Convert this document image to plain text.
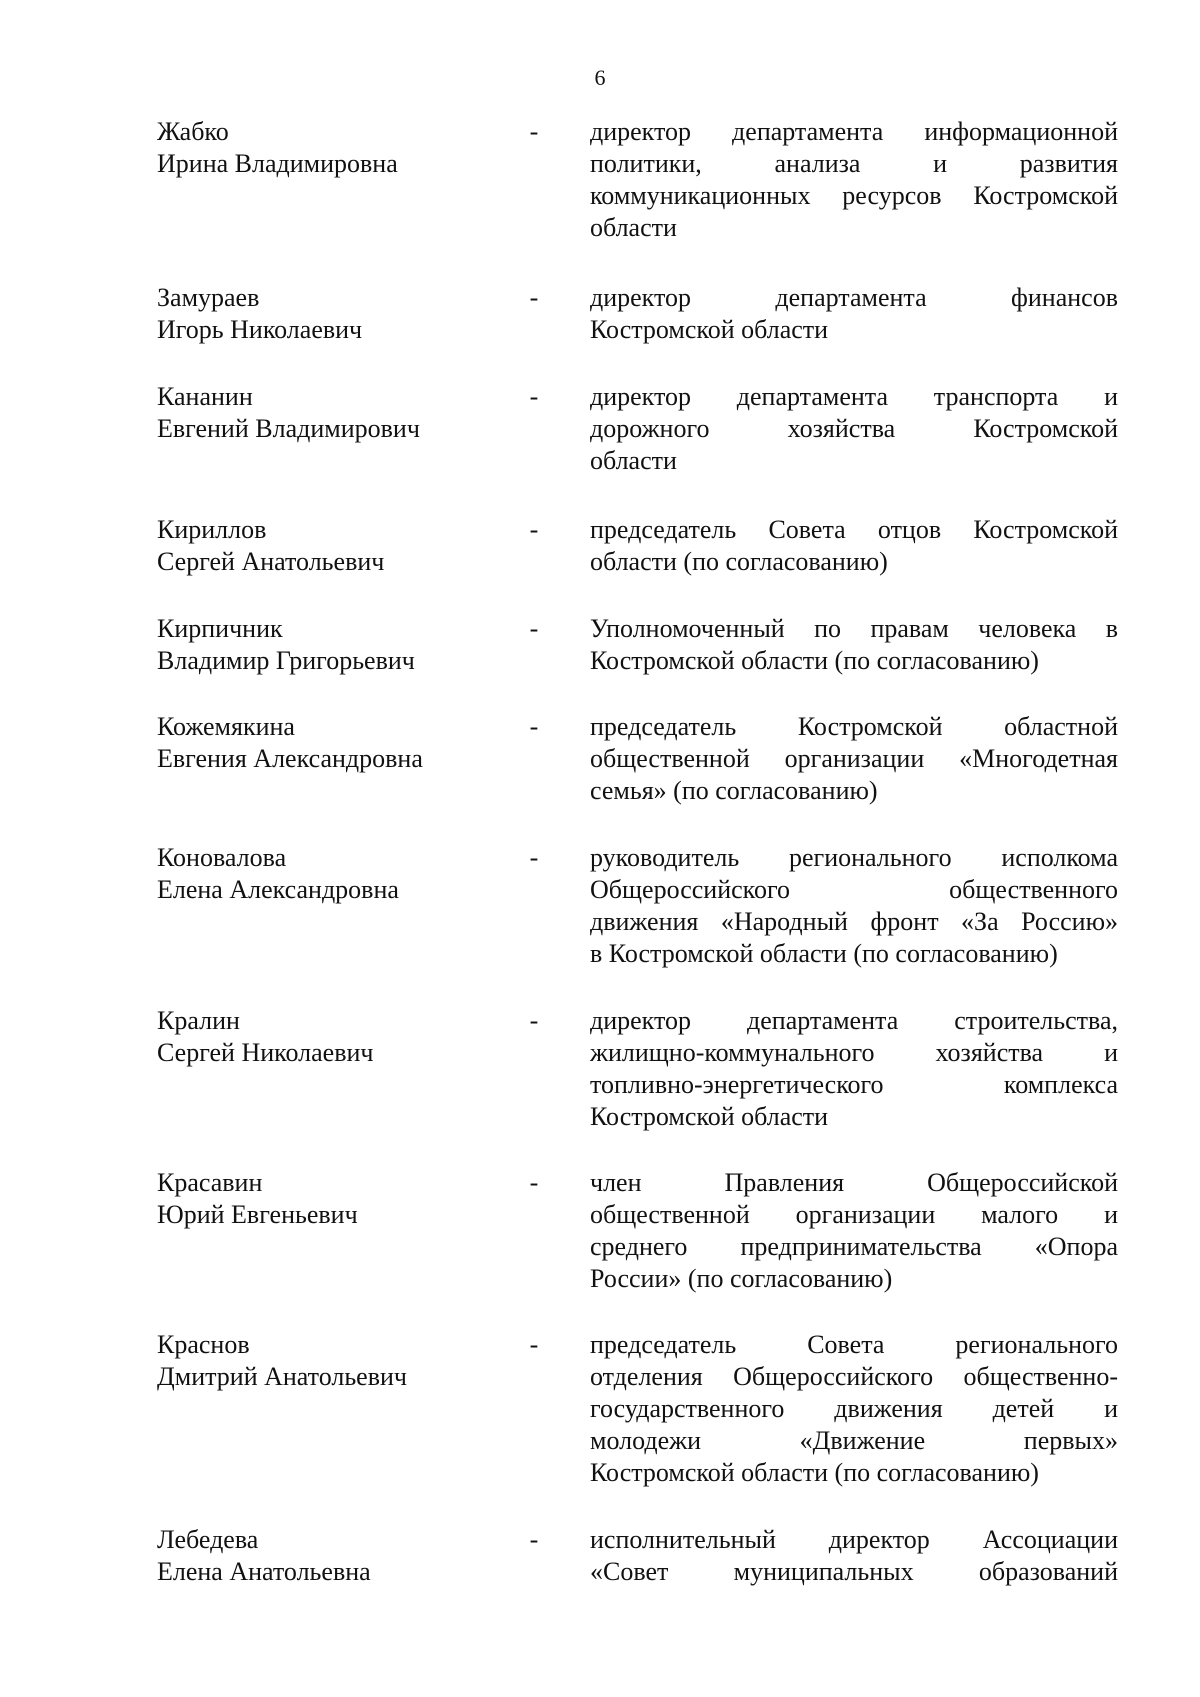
6
Жабко
Ирина Владимировна
- директор департамента информационной
политики, анализа и развития
коммуникационных ресурсов Костромской
области
Замураев
Игорь Николаевич
- директор департамента финансов
Костромской области
Кананин
Евгений Владимирович
- директор департамента транспорта и
дорожного хозяйства Костромской
области
Кириллов
Сергей Анатольевич
- председатель Совета отцов Костромской
области (по согласованию)
Кирпичник
Владимир Григорьевич
- Уполномоченный по правам человека в
Костромской области (по согласованию)
Кожемякина
Евгения Александровна
- председатель Костромской областной
общественной организации «Многодетная
семья» (по согласованию)
Коновалова
Елена Александровна
- руководитель регионального исполкома
Общероссийского общественного
движения «Народный фронт «За Россию»
в Костромской области (по согласованию)
Кралин
Сергей Николаевич
- директор департамента строительства,
жилищно-коммунального хозяйства и
топливно-энергетического комплекса
Костромской области
Красавин
Юрий Евгеньевич
- член Правления Общероссийской
общественной организации малого и
среднего предпринимательства «Опора
России» (по согласованию)
Краснов
Дмитрий Анатольевич
- председатель Совета регионального
отделения Общероссийского общественно-
государственного движения детей и
молодежи «Движение первых»
Костромской области (по согласованию)
Лебедева
Елена Анатольевна
- исполнительный директор Ассоциации
«Совет муниципальных образований
